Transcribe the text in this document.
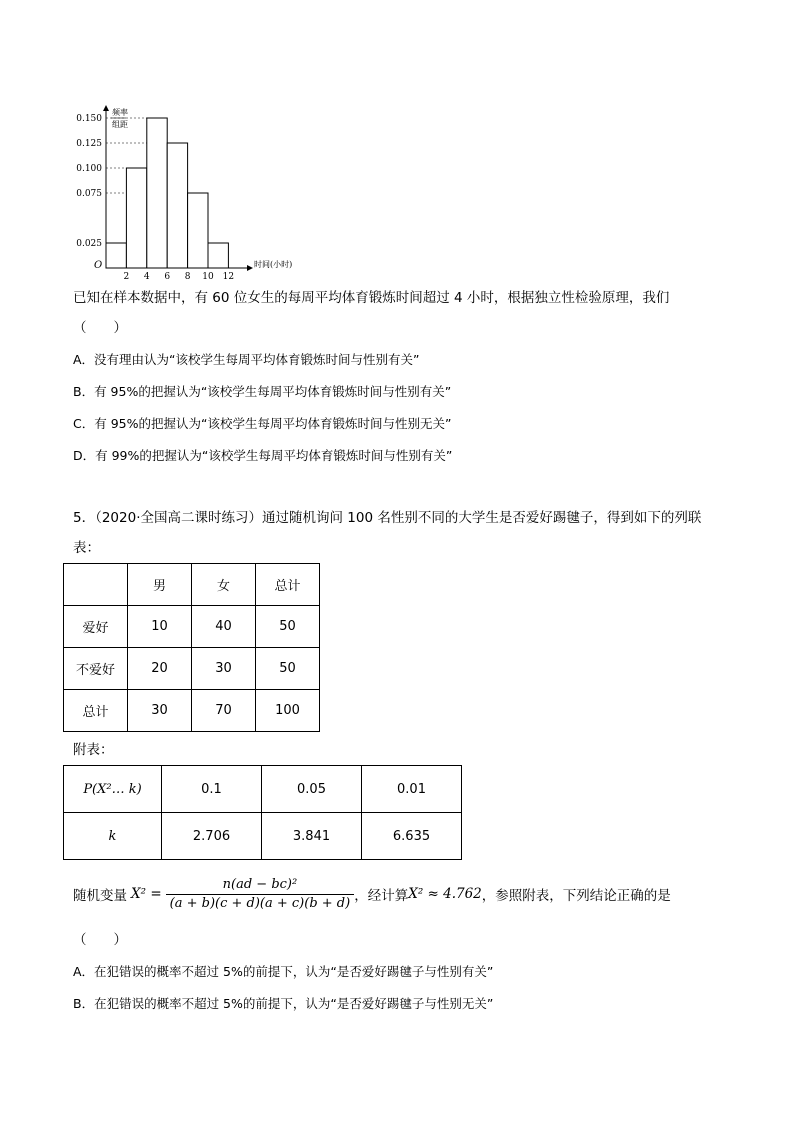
0.025
0.075
0.100
0.125
0.150
2 4 6 8 10 12
频率
组距
O	时间(小时)
已知在样本数据中，有 60 位女生的每周平均体育锻炼时间超过 4 小时，根据独立性检验原理，我们
（　　）
A．没有理由认为“该校学生每周平均体育锻炼时间与性别有关”
B．有 95%的把握认为“该校学生每周平均体育锻炼时间与性别有关”
C．有 95%的把握认为“该校学生每周平均体育锻炼时间与性别无关”
D．有 99%的把握认为“该校学生每周平均体育锻炼时间与性别有关”
5．（2020·全国高二课时练习）通过随机询问 100 名性别不同的大学生是否爱好踢毽子，得到如下的列联
表：
	男	女	总计
爱好	10	40	50
不爱好	20	30	50
总计	30	70	100
附表：
P(X²… k)	0.1	0.05	0.01
k	2.706	3.841	6.635
随机变量 $X^2 = \frac{\text{n(ad − bc)²}}{(a + b)(c + d)(a + c)(b + d)}$ ，经计算 X² ≈ 4.762 ，参照附表，下列结论正确的是
（　　）
A．在犯错误的概率不超过 5%的前提下，认为“是否爱好踢毽子与性别有关”
B．在犯错误的概率不超过 5%的前提下，认为“是否爱好踢毽子与性别无关”
